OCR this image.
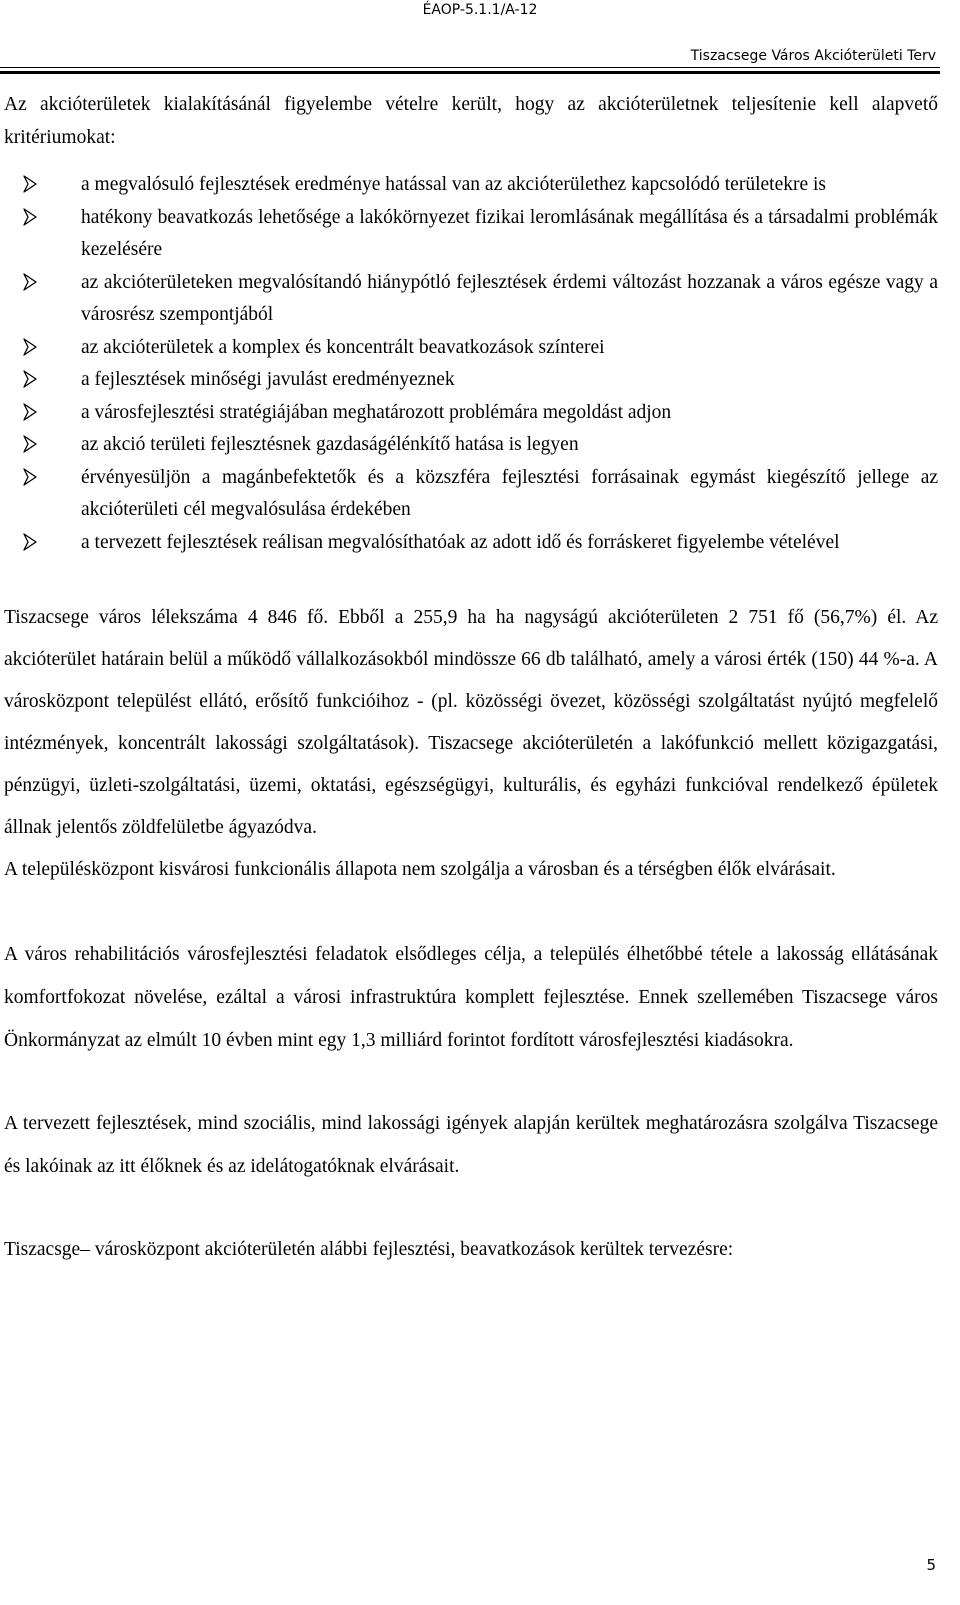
ÉAOP-5.1.1/A-12
Tiszacsege Város Akcióterületi Terv

Az akcióterületek kialakításánál figyelembe vételre került, hogy az akcióterületnek teljesítenie kell alapvető kritériumokat:

a megvalósuló fejlesztések eredménye hatással van az akcióterülethez kapcsolódó területekre is
hatékony beavatkozás lehetősége a lakókörnyezet fizikai leromlásának megállítása és a társadalmi problémák kezelésére
az akcióterületeken megvalósítandó hiánypótló fejlesztések érdemi változást hozzanak a város egésze vagy a városrész szempontjából
az akcióterületek a komplex és koncentrált beavatkozások színterei
a fejlesztések minőségi javulást eredményeznek
a városfejlesztési stratégiájában meghatározott problémára megoldást adjon
az akció területi fejlesztésnek gazdaságélénkítő hatása is legyen
érvényesüljön a magánbefektetők és a közszféra fejlesztési forrásainak egymást kiegészítő jellege az akcióterületi cél megvalósulása érdekében
a tervezett fejlesztések reálisan megvalósíthatóak az adott idő és forráskeret figyelembe vételével

Tiszacsege város lélekszáma 4 846 fő. Ebből a 255,9 ha ha nagyságú akcióterületen 2 751 fő (56,7%) él. Az akcióterület határain belül a működő vállalkozásokból mindössze 66 db található, amely a városi érték (150) 44 %-a. A városközpont települést ellátó, erősítő funkcióihoz - (pl. közösségi övezet, közösségi szolgáltatást nyújtó megfelelő intézmények, koncentrált lakossági szolgáltatások). Tiszacsege akcióterületén a lakófunkció mellett közigazgatási, pénzügyi, üzleti-szolgáltatási, üzemi, oktatási, egészségügyi, kulturális, és egyházi funkcióval rendelkező épületek állnak jelentős zöldfelületbe ágyazódva.

A településközpont kisvárosi funkcionális állapota nem szolgálja a városban és a térségben élők elvárásait.

A város rehabilitációs városfejlesztési feladatok elsődleges célja, a település élhetőbbé tétele a lakosság ellátásának komfortfokozat növelése, ezáltal a városi infrastruktúra komplett fejlesztése. Ennek szellemében Tiszacsege város Önkormányzat az elmúlt 10 évben mint egy 1,3 milliárd forintot fordított városfejlesztési kiadásokra.

A tervezett fejlesztések, mind szociális, mind lakossági igények alapján kerültek meghatározásra szolgálva Tiszacsege és lakóinak az itt élőknek és az idelátogatóknak elvárásait.

Tiszacsge– városközpont akcióterületén alábbi fejlesztési, beavatkozások kerültek tervezésre:

5
